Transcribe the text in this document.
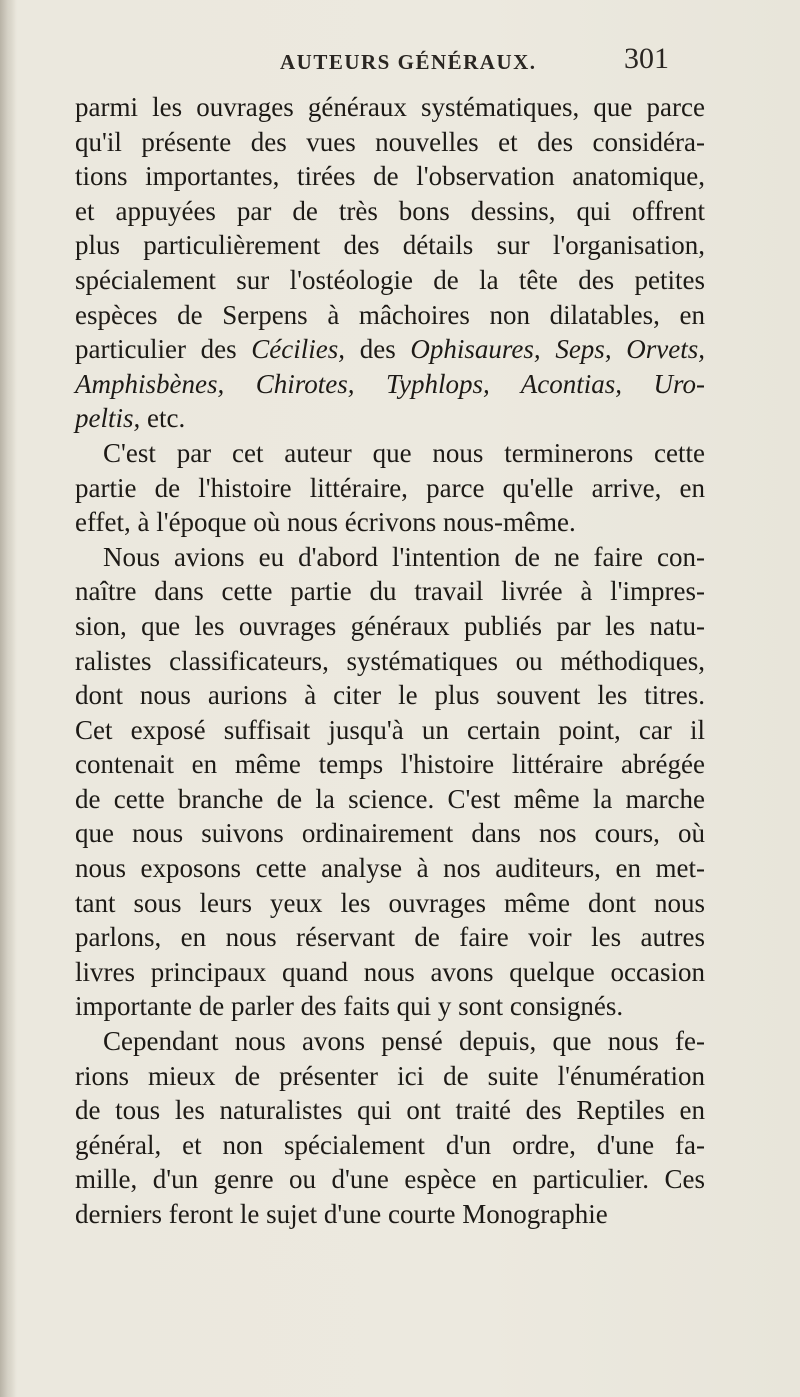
AUTEURS GÉNÉRAUX.	301
parmi les ouvrages généraux systématiques, que parce
qu'il présente des vues nouvelles et des considéra-
tions importantes, tirées de l'observation anatomique,
et appuyées par de très bons dessins, qui offrent
plus particulièrement des détails sur l'organisation,
spécialement sur l'ostéologie de la tête des petites
espèces de Serpens à mâchoires non dilatables, en
particulier des Cécilies, des Ophisaures, Seps, Orvets,
Amphisbènes, Chirotes, Typhlops, Acontias, Uro-
peltis, etc.
C'est par cet auteur que nous terminerons cette
partie de l'histoire littéraire, parce qu'elle arrive, en
effet, à l'époque où nous écrivons nous-même.
Nous avions eu d'abord l'intention de ne faire con-
naître dans cette partie du travail livrée à l'impres-
sion, que les ouvrages généraux publiés par les natu-
ralistes classificateurs, systématiques ou méthodiques,
dont nous aurions à citer le plus souvent les titres.
Cet exposé suffisait jusqu'à un certain point, car il
contenait en même temps l'histoire littéraire abrégée
de cette branche de la science. C'est même la marche
que nous suivons ordinairement dans nos cours, où
nous exposons cette analyse à nos auditeurs, en met-
tant sous leurs yeux les ouvrages même dont nous
parlons, en nous réservant de faire voir les autres
livres principaux quand nous avons quelque occasion
importante de parler des faits qui y sont consignés.
Cependant nous avons pensé depuis, que nous fe-
rions mieux de présenter ici de suite l'énumération
de tous les naturalistes qui ont traité des Reptiles en
général, et non spécialement d'un ordre, d'une fa-
mille, d'un genre ou d'une espèce en particulier. Ces
derniers feront le sujet d'une courte Monographie
